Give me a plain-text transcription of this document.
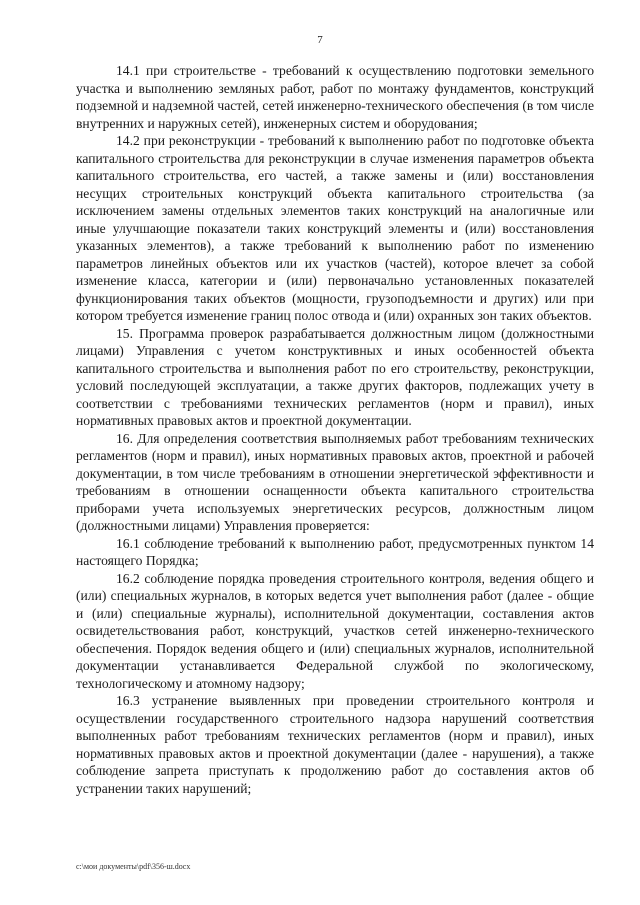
7

14.1 при строительстве - требований к осуществлению подготовки земельного участка и выполнению земляных работ, работ по монтажу фундаментов, конструкций подземной и надземной частей, сетей инженерно-технического обеспечения (в том числе внутренних и наружных сетей), инженерных систем и оборудования;

14.2 при реконструкции - требований к выполнению работ по подготовке объекта капитального строительства для реконструкции в случае изменения параметров объекта капитального строительства, его частей, а также замены и (или) восстановления несущих строительных конструкций объекта капитального строительства (за исключением замены отдельных элементов таких конструкций на аналогичные или иные улучшающие показатели таких конструкций элементы и (или) восстановления указанных элементов), а также требований к выполнению работ по изменению параметров линейных объектов или их участков (частей), которое влечет за собой изменение класса, категории и (или) первоначально установленных показателей функционирования таких объектов (мощности, грузоподъемности и других) или при котором требуется изменение границ полос отвода и (или) охранных зон таких объектов.

15. Программа проверок разрабатывается должностным лицом (должностными лицами) Управления с учетом конструктивных и иных особенностей объекта капитального строительства и выполнения работ по его строительству, реконструкции, условий последующей эксплуатации, а также других факторов, подлежащих учету в соответствии с требованиями технических регламентов (норм и правил), иных нормативных правовых актов и проектной документации.

16. Для определения соответствия выполняемых работ требованиям технических регламентов (норм и правил), иных нормативных правовых актов, проектной и рабочей документации, в том числе требованиям в отношении энергетической эффективности и требованиям в отношении оснащенности объекта капитального строительства приборами учета используемых энергетических ресурсов, должностным лицом (должностными лицами) Управления проверяется:

16.1 соблюдение требований к выполнению работ, предусмотренных пунктом 14 настоящего Порядка;

16.2 соблюдение порядка проведения строительного контроля, ведения общего и (или) специальных журналов, в которых ведется учет выполнения работ (далее - общие и (или) специальные журналы), исполнительной документации, составления актов освидетельствования работ, конструкций, участков сетей инженерно-технического обеспечения. Порядок ведения общего и (или) специальных журналов, исполнительной документации устанавливается Федеральной службой по экологическому, технологическому и атомному надзору;

16.3 устранение выявленных при проведении строительного контроля и осуществлении государственного строительного надзора нарушений соответствия выполненных работ требованиям технических регламентов (норм и правил), иных нормативных правовых актов и проектной документации (далее - нарушения), а также соблюдение запрета приступать к продолжению работ до составления актов об устранении таких нарушений;

c:\мои документы\pdf\356-ш.docx
